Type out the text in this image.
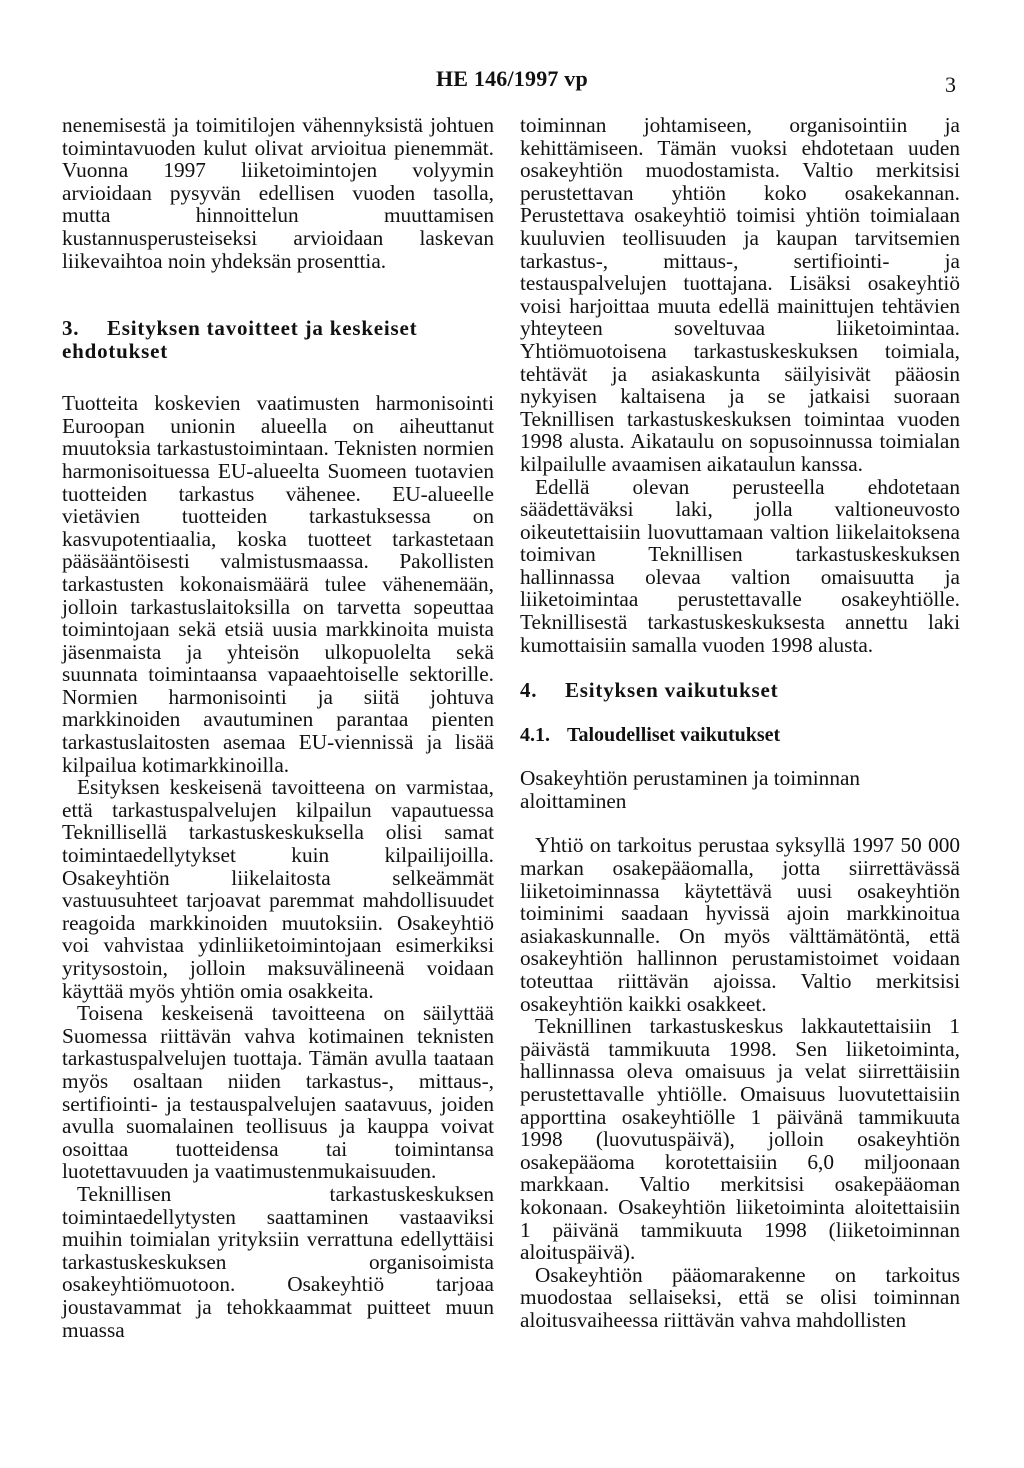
HE 146/1997 vp	3

nenemisestä ja toimitilojen vähennyksistä johtuen toimintavuoden kulut olivat arvioitua pienemmät. Vuonna 1997 liiketoimintojen volyymin arvioidaan pysyvän edellisen vuoden tasolla, mutta hinnoittelun muuttamisen kustannusperusteiseksi arvioidaan laskevan liikevaihtoa noin yhdeksän prosenttia.

3. Esityksen tavoitteet ja keskeiset ehdotukset

Tuotteita koskevien vaatimusten harmonisointi Euroopan unionin alueella on aiheuttanut muutoksia tarkastustoimintaan. Teknisten normien harmonisoituessa EU-alueelta Suomeen tuotavien tuotteiden tarkastus vähenee. EU-alueelle vietävien tuotteiden tarkastuksessa on kasvupotentiaalia, koska tuotteet tarkastetaan pääsääntöisesti valmistusmaassa. Pakollisten tarkastusten kokonaismäärä tulee vähenemään, jolloin tarkastuslaitoksilla on tarvetta sopeuttaa toimintojaan sekä etsiä uusia markkinoita muista jäsenmaista ja yhteisön ulkopuolelta sekä suunnata toimintaansa vapaaehtoiselle sektorille. Normien harmonisointi ja siitä johtuva markkinoiden avautuminen parantaa pienten tarkastuslaitosten asemaa EU-viennissä ja lisää kilpailua kotimarkkinoilla.

Esityksen keskeisenä tavoitteena on varmistaa, että tarkastuspalvelujen kilpailun vapautuessa Teknillisellä tarkastuskeskuksella olisi samat toimintaedellytykset kuin kilpailijoilla. Osakeyhtiön liikelaitosta selkeämmät vastuusuhteet tarjoavat paremmat mahdollisuudet reagoida markkinoiden muutoksiin. Osakeyhtiö voi vahvistaa ydinliiketoimintojaan esimerkiksi yritysostoin, jolloin maksuvälineenä voidaan käyttää myös yhtiön omia osakkeita.

Toisena keskeisenä tavoitteena on säilyttää Suomessa riittävän vahva kotimainen teknisten tarkastuspalvelujen tuottaja. Tämän avulla taataan myös osaltaan niiden tarkastus-, mittaus-, sertifiointi- ja testauspalvelujen saatavuus, joiden avulla suomalainen teollisuus ja kauppa voivat osoittaa tuotteidensa tai toimintansa luotettavuuden ja vaatimustenmukaisuuden.

Teknillisen tarkastuskeskuksen toimintaedellytysten saattaminen vastaaviksi muihin toimialan yrityksiin verrattuna edellyttäisi tarkastuskeskuksen organisoimista osakeyhtiömuotoon. Osakeyhtiö tarjoaa joustavammat ja tehokkaammat puitteet muun muassa

toiminnan johtamiseen, organisointiin ja kehittämiseen. Tämän vuoksi ehdotetaan uuden osakeyhtiön muodostamista. Valtio merkitsisi perustettavan yhtiön koko osakekannan. Perustettava osakeyhtiö toimisi yhtiön toimialaan kuuluvien teollisuuden ja kaupan tarvitsemien tarkastus-, mittaus-, sertifiointi- ja testauspalvelujen tuottajana. Lisäksi osakeyhtiö voisi harjoittaa muuta edellä mainittujen tehtävien yhteyteen soveltuvaa liiketoimintaa. Yhtiömuotoisena tarkastuskeskuksen toimiala, tehtävät ja asiakaskunta säilyisivät pääosin nykyisen kaltaisena ja se jatkaisi suoraan Teknillisen tarkastuskeskuksen toimintaa vuoden 1998 alusta. Aikataulu on sopusoinnussa toimialan kilpailulle avaamisen aikataulun kanssa.

Edellä olevan perusteella ehdotetaan säädettäväksi laki, jolla valtioneuvosto oikeutettaisiin luovuttamaan valtion liikelaitoksena toimivan Teknillisen tarkastuskeskuksen hallinnassa olevaa valtion omaisuutta ja liiketoimintaa perustettavalle osakeyhtiölle. Teknillisestä tarkastuskeskuksesta annettu laki kumottaisiin samalla vuoden 1998 alusta.

4. Esityksen vaikutukset
4.1. Taloudelliset vaikutukset

Osakeyhtiön perustaminen ja toiminnan aloittaminen

Yhtiö on tarkoitus perustaa syksyllä 1997 50 000 markan osakepääomalla, jotta siirrettävässä liiketoiminnassa käytettävä uusi osakeyhtiön toiminimi saadaan hyvissä ajoin markkinoitua asiakaskunnalle. On myös välttämätöntä, että osakeyhtiön hallinnon perustamistoimet voidaan toteuttaa riittävän ajoissa. Valtio merkitsisi osakeyhtiön kaikki osakkeet.

Teknillinen tarkastuskeskus lakkautettaisiin 1 päivästä tammikuuta 1998. Sen liiketoiminta, hallinnassa oleva omaisuus ja velat siirrettäisiin perustettavalle yhtiölle. Omaisuus luovutettaisiin apporttina osakeyhtiölle 1 päivänä tammikuuta 1998 (luovutuspäivä), jolloin osakeyhtiön osakepääoma korotettaisiin 6,0 miljoonaan markkaan. Valtio merkitsisi osakepääoman kokonaan. Osakeyhtiön liiketoiminta aloitettaisiin 1 päivänä tammikuuta 1998 (liiketoiminnan aloituspäivä).

Osakeyhtiön pääomarakenne on tarkoitus muodostaa sellaiseksi, että se olisi toiminnan aloitusvaiheessa riittävän vahva mahdollisten
